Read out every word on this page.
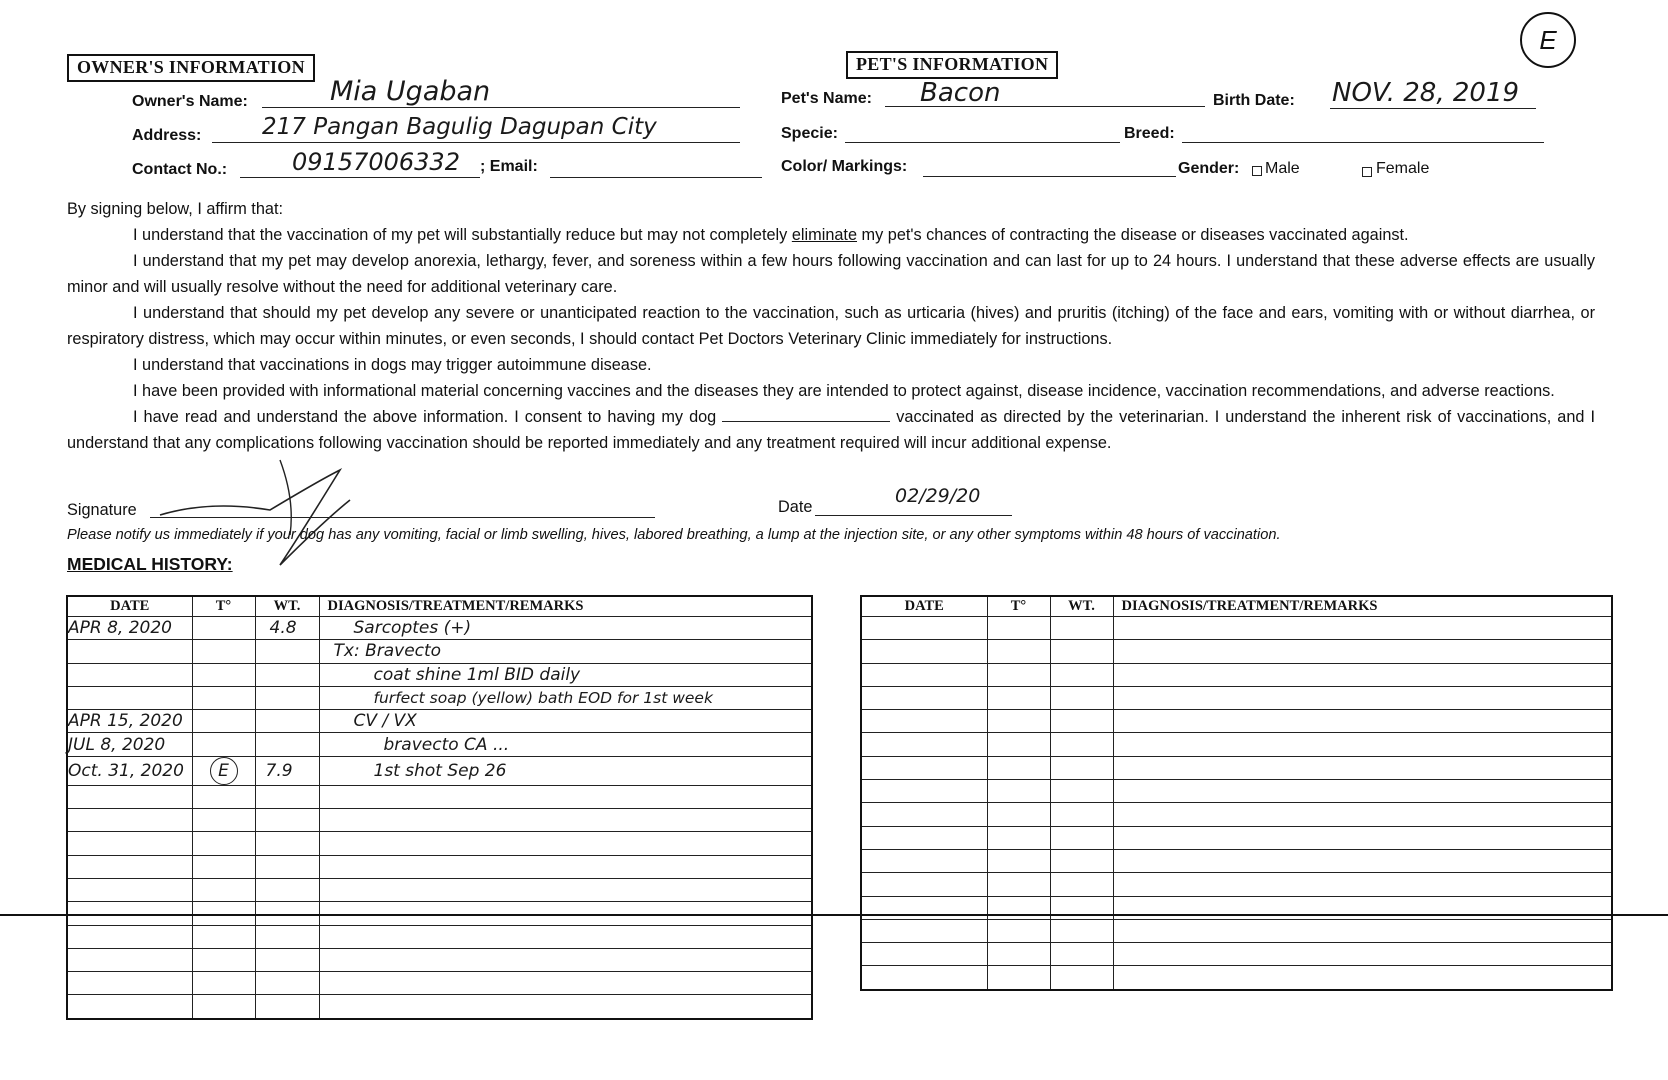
E
OWNER'S INFORMATION	PET'S INFORMATION
Owner's Name:	Mia Ugaban
Address:	217 Pangan Bagulig Dagupan City
Contact No.:	09157006332 ; Email:
Pet's Name: Bacon	Birth Date: NOV. 28, 2019
Specie:	Breed:
Color/ Markings:	Gender: Male	Female
By signing below, I affirm that:
I understand that the vaccination of my pet will substantially reduce but may not completely eliminate my pet's chances of contracting the disease or diseases vaccinated against.
I understand that my pet may develop anorexia, lethargy, fever, and soreness within a few hours following vaccination and can last for up to 24 hours. I understand that these adverse effects are usually minor and will usually resolve without the need for additional veterinary care.
I understand that should my pet develop any severe or unanticipated reaction to the vaccination, such as urticaria (hives) and pruritis (itching) of the face and ears, vomiting with or without diarrhea, or respiratory distress, which may occur within minutes, or even seconds, I should contact Pet Doctors Veterinary Clinic immediately for instructions.
I understand that vaccinations in dogs may trigger autoimmune disease.
I have been provided with informational material concerning vaccines and the diseases they are intended to protect against, disease incidence, vaccination recommendations, and adverse reactions.
I have read and understand the above information. I consent to having my dog	vaccinated as directed by the veterinarian. I understand the inherent risk of vaccinations, and I understand that any complications following vaccination should be reported immediately and any treatment required will incur additional expense.
Signature	Date	02/29/20
Please notify us immediately if your dog has any vomiting, facial or limb swelling, hives, labored breathing, a lump at the injection site, or any other symptoms within 48 hours of vaccination.
MEDICAL HISTORY:
DATE	T°	WT.	DIAGNOSIS/TREATMENT/REMARKS
APR 8, 2020		4.8	Sarcoptes (+)
			Tx: Bravecto
			coat shine 1ml BID daily
			furfect soap (yellow) bath EOD for 1st week
APR 15, 2020			CV / VX
JUL 8, 2020			bravecto CA ...
Oct. 31, 2020	E	7.9	1st shot Sep 26

DATE	T°	WT.	DIAGNOSIS/TREATMENT/REMARKS
